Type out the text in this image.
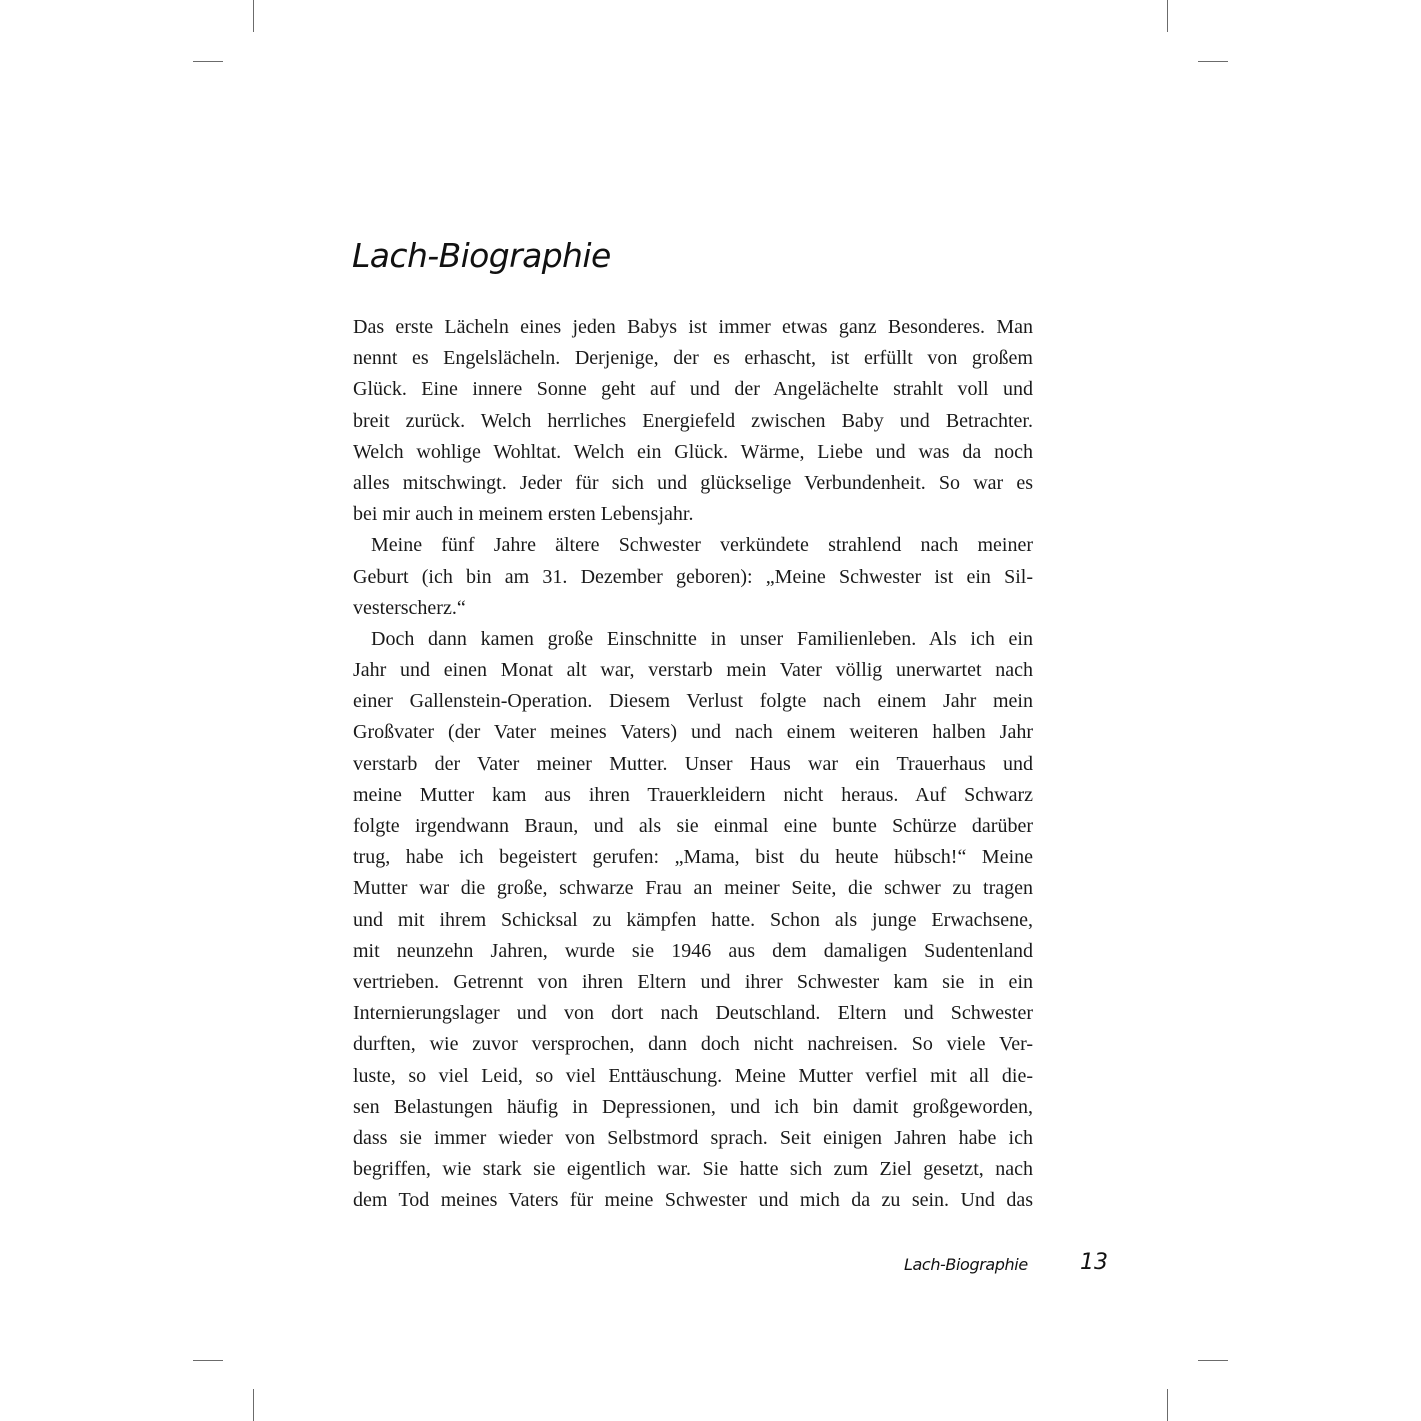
Lach-Biographie
Das erste Lächeln eines jeden Babys ist immer etwas ganz Besonderes. Man
nennt es Engelslächeln. Derjenige, der es erhascht, ist erfüllt von großem
Glück. Eine innere Sonne geht auf und der Angelächelte strahlt voll und
breit zurück. Welch herrliches Energiefeld zwischen Baby und Betrachter.
Welch wohlige Wohltat. Welch ein Glück. Wärme, Liebe und was da noch
alles mitschwingt. Jeder für sich und glückselige Verbundenheit. So war es
bei mir auch in meinem ersten Lebensjahr.
Meine fünf Jahre ältere Schwester verkündete strahlend nach meiner
Geburt (ich bin am 31. Dezember geboren): „Meine Schwester ist ein Sil-
vesterscherz.“
Doch dann kamen große Einschnitte in unser Familienleben. Als ich ein
Jahr und einen Monat alt war, verstarb mein Vater völlig unerwartet nach
einer Gallenstein-Operation. Diesem Verlust folgte nach einem Jahr mein
Großvater (der Vater meines Vaters) und nach einem weiteren halben Jahr
verstarb der Vater meiner Mutter. Unser Haus war ein Trauerhaus und
meine Mutter kam aus ihren Trauerkleidern nicht heraus. Auf Schwarz
folgte irgendwann Braun, und als sie einmal eine bunte Schürze darüber
trug, habe ich begeistert gerufen: „Mama, bist du heute hübsch!“ Meine
Mutter war die große, schwarze Frau an meiner Seite, die schwer zu tragen
und mit ihrem Schicksal zu kämpfen hatte. Schon als junge Erwachsene,
mit neunzehn Jahren, wurde sie 1946 aus dem damaligen Sudentenland
vertrieben. Getrennt von ihren Eltern und ihrer Schwester kam sie in ein
Internierungslager und von dort nach Deutschland. Eltern und Schwester
durften, wie zuvor versprochen, dann doch nicht nachreisen. So viele Ver-
luste, so viel Leid, so viel Enttäuschung. Meine Mutter verfiel mit all die-
sen Belastungen häufig in Depressionen, und ich bin damit großgeworden,
dass sie immer wieder von Selbstmord sprach. Seit einigen Jahren habe ich
begriffen, wie stark sie eigentlich war. Sie hatte sich zum Ziel gesetzt, nach
dem Tod meines Vaters für meine Schwester und mich da zu sein. Und das
Lach-Biographie 13
